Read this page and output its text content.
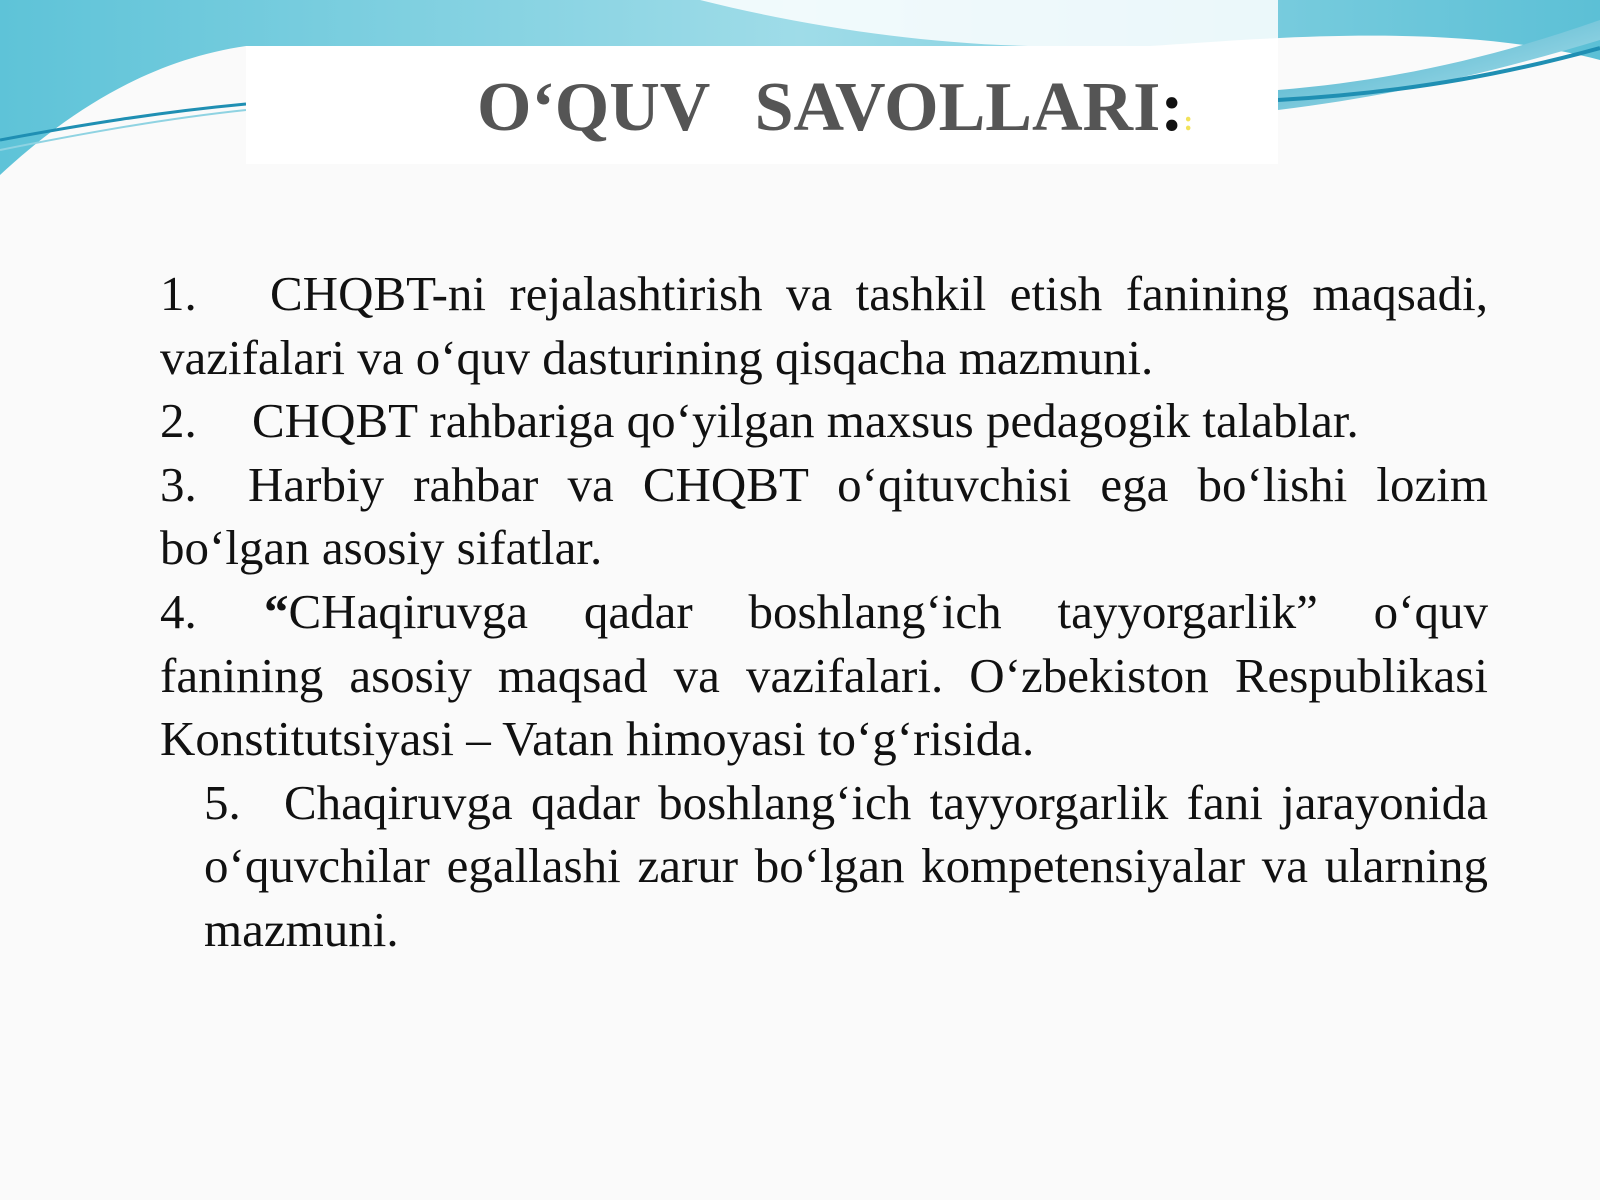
O‘QUV SAVOLLARI::

1. CHQBT-ni rejalashtirish va tashkil etish fanining maqsadi, vazifalari va o‘quv dasturining qisqacha mazmuni.

2. CHQBT rahbariga qo‘yilgan maxsus pedagogik talablar.

3. Harbiy rahbar va CHQBT o‘qituvchisi ega bo‘lishi lozim bo‘lgan asosiy sifatlar.

4. “CHaqiruvga qadar boshlang‘ich tayyorgarlik” o‘quv fanining asosiy maqsad va vazifalari. O‘zbekiston Respublikasi Konstitutsiyasi – Vatan himoyasi to‘g‘risida.

5. Chaqiruvga qadar boshlang‘ich tayyorgarlik fani jarayonida o‘quvchilar egallashi zarur bo‘lgan kompetensiyalar va ularning mazmuni.
